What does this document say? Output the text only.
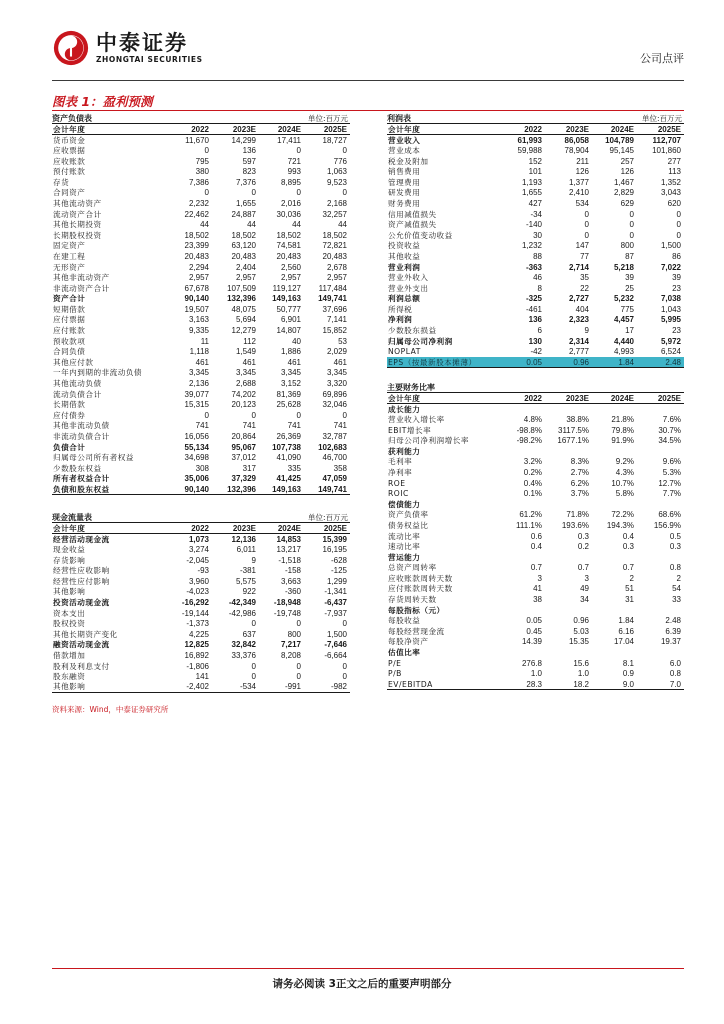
中泰证券
ZHONGTAI SECURITIES	公司点评
图表 1：盈利预测
资产负债表	单位:百万元
会计年度	2022	2023E	2024E	2025E
货币资金	11,670	14,299	17,411	18,727
应收票据	0	136	0	0
应收账款	795	597	721	776
预付账款	380	823	993	1,063
存货	7,386	7,376	8,895	9,523
合同资产	0	0	0	0
其他流动资产	2,232	1,655	2,016	2,168
流动资产合计	22,462	24,887	30,036	32,257
其他长期投资	44	44	44	44
长期股权投资	18,502	18,502	18,502	18,502
固定资产	23,399	63,120	74,581	72,821
在建工程	20,483	20,483	20,483	20,483
无形资产	2,294	2,404	2,560	2,678
其他非流动资产	2,957	2,957	2,957	2,957
非流动资产合计	67,678	107,509	119,127	117,484
资产合计	90,140	132,396	149,163	149,741
短期借款	19,507	48,075	50,777	37,696
应付票据	3,163	5,694	6,901	7,141
应付账款	9,335	12,279	14,807	15,852
预收款项	11	112	40	53
合同负债	1,118	1,549	1,886	2,029
其他应付款	461	461	461	461
一年内到期的非流动负债	3,345	3,345	3,345	3,345
其他流动负债	2,136	2,688	3,152	3,320
流动负债合计	39,077	74,202	81,369	69,896
长期借款	15,315	20,123	25,628	32,046
应付债券	0	0	0	0
其他非流动负债	741	741	741	741
非流动负债合计	16,056	20,864	26,369	32,787
负债合计	55,134	95,067	107,738	102,683
归属母公司所有者权益	34,698	37,012	41,090	46,700
少数股东权益	308	317	335	358
所有者权益合计	35,006	37,329	41,425	47,059
负债和股东权益	90,140	132,396	149,163	149,741
利润表	单位:百万元
会计年度	2022	2023E	2024E	2025E
营业收入	61,993	86,058	104,789	112,707
营业成本	59,988	78,904	95,145	101,860
税金及附加	152	211	257	277
销售费用	101	126	126	113
管理费用	1,193	1,377	1,467	1,352
研发费用	1,655	2,410	2,829	3,043
财务费用	427	534	629	620
信用减值损失	-34	0	0	0
资产减值损失	-140	0	0	0
公允价值变动收益	30	0	0	0
投资收益	1,232	147	800	1,500
其他收益	88	77	87	86
营业利润	-363	2,714	5,218	7,022
营业外收入	46	35	39	39
营业外支出	8	22	25	23
利润总额	-325	2,727	5,232	7,038
所得税	-461	404	775	1,043
净利润	136	2,323	4,457	5,995
少数股东损益	6	9	17	23
归属母公司净利润	130	2,314	4,440	5,972
NOPLAT	-42	2,777	4,993	6,524
EPS（按最新股本摊薄）	0.05	0.96	1.84	2.48
主要财务比率
会计年度	2022	2023E	2024E	2025E
成长能力				
营业收入增长率	4.8%	38.8%	21.8%	7.6%
EBIT增长率	-98.8%	3117.5%	79.8%	30.7%
归母公司净利润增长率	-98.2%	1677.1%	91.9%	34.5%
获利能力				
毛利率	3.2%	8.3%	9.2%	9.6%
净利率	0.2%	2.7%	4.3%	5.3%
ROE	0.4%	6.2%	10.7%	12.7%
ROIC	0.1%	3.7%	5.8%	7.7%
偿债能力				
资产负债率	61.2%	71.8%	72.2%	68.6%
债务权益比	111.1%	193.6%	194.3%	156.9%
流动比率	0.6	0.3	0.4	0.5
速动比率	0.4	0.2	0.3	0.3
营运能力				
总资产周转率	0.7	0.7	0.7	0.8
应收账款周转天数	3	3	2	2
应付账款周转天数	41	49	51	54
存货周转天数	38	34	31	33
每股指标（元）				
每股收益	0.05	0.96	1.84	2.48
每股经营现金流	0.45	5.03	6.16	6.39
每股净资产	14.39	15.35	17.04	19.37
估值比率				
P/E	276.8	15.6	8.1	6.0
P/B	1.0	1.0	0.9	0.8
EV/EBITDA	28.3	18.2	9.0	7.0
现金流量表	单位:百万元
会计年度	2022	2023E	2024E	2025E
经营活动现金流	1,073	12,136	14,853	15,399
现金收益	3,274	6,011	13,217	16,195
存货影响	-2,045	9	-1,518	-628
经营性应收影响	-93	-381	-158	-125
经营性应付影响	3,960	5,575	3,663	1,299
其他影响	-4,023	922	-360	-1,341
投资活动现金流	-16,292	-42,349	-18,948	-6,437
资本支出	-19,144	-42,986	-19,748	-7,937
股权投资	-1,373	0	0	0
其他长期资产变化	4,225	637	800	1,500
融资活动现金流	12,825	32,842	7,217	-7,646
借款增加	16,892	33,376	8,208	-6,664
股利及利息支付	-1,806	0	0	0
股东融资	141	0	0	0
其他影响	-2,402	-534	-991	-982
资料来源：Wind，中泰证券研究所
请务必阅读 3正文之后的重要声明部分
